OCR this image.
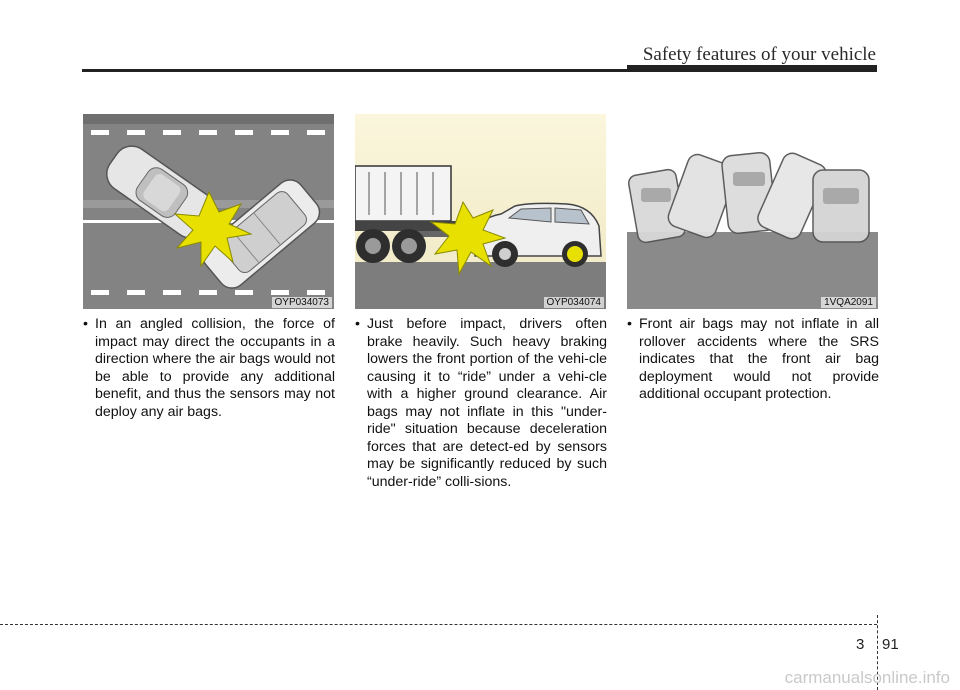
Safety features of your vehicle
OYP034073	OYP034074	1VQA2091

• In an angled collision, the force of impact may direct the occupants in a direction where the air bags would not be able to provide any additional benefit, and thus the sensors may not deploy any air bags.

• Just before impact, drivers often brake heavily. Such heavy braking lowers the front portion of the vehi-cle causing it to “ride” under a vehi-cle with a higher ground clearance. Air bags may not inflate in this "under-ride" situation because deceleration forces that are detect-ed by sensors may be significantly reduced by such “under-ride” colli-sions.

• Front air bags may not inflate in all rollover accidents where the SRS indicates that the front air bag deployment would not provide additional occupant protection.

3 91
carmanualsonline.info
